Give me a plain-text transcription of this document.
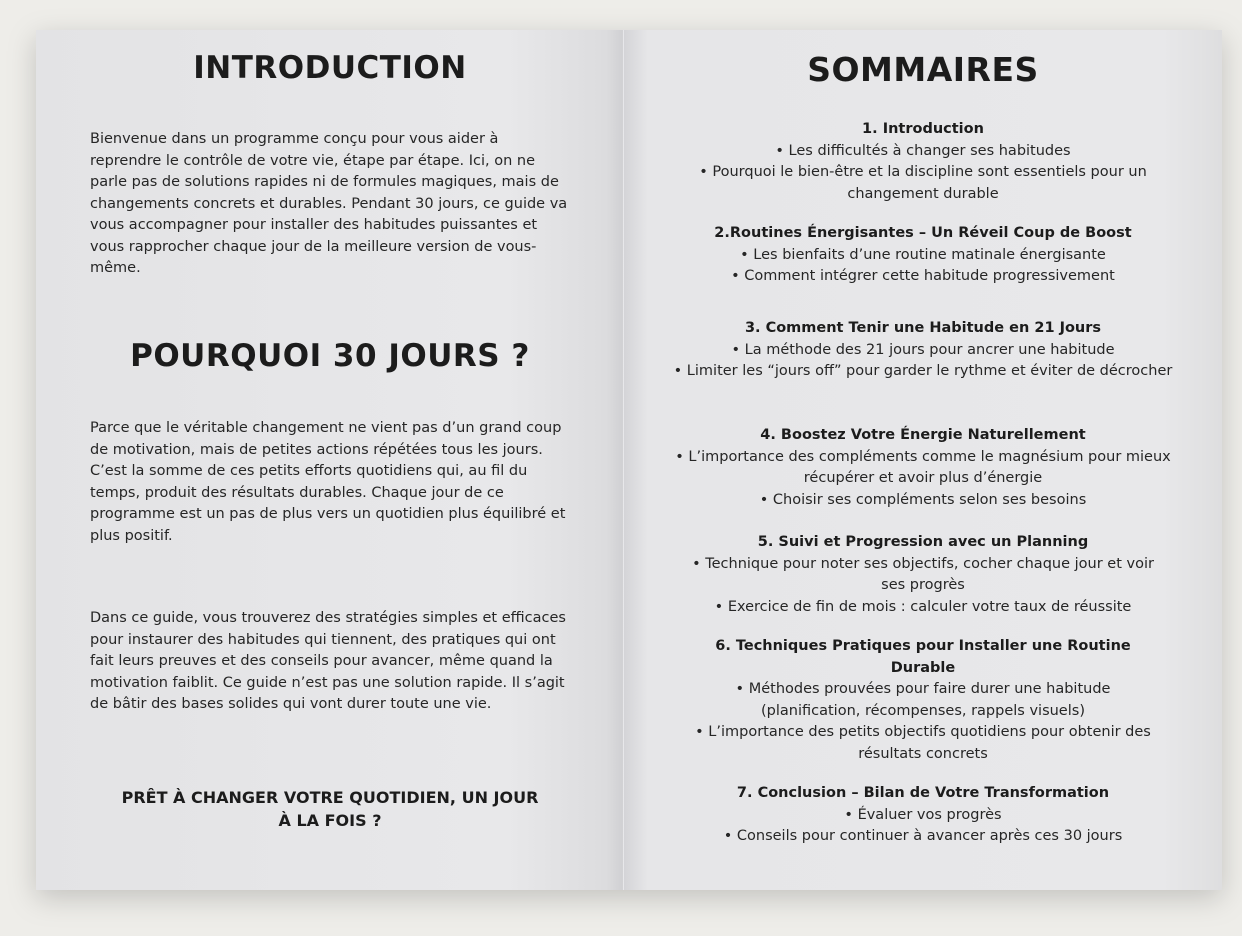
INTRODUCTION

Bienvenue dans un programme conçu pour vous aider à reprendre le contrôle de votre vie, étape par étape. Ici, on ne parle pas de solutions rapides ni de formules magiques, mais de changements concrets et durables. Pendant 30 jours, ce guide va vous accompagner pour installer des habitudes puissantes et vous rapprocher chaque jour de la meilleure version de vous-même.

POURQUOI 30 JOURS ?

Parce que le véritable changement ne vient pas d’un grand coup de motivation, mais de petites actions répétées tous les jours. C’est la somme de ces petits efforts quotidiens qui, au fil du temps, produit des résultats durables. Chaque jour de ce programme est un pas de plus vers un quotidien plus équilibré et plus positif.

Dans ce guide, vous trouverez des stratégies simples et efficaces pour instaurer des habitudes qui tiennent, des pratiques qui ont fait leurs preuves et des conseils pour avancer, même quand la motivation faiblit. Ce guide n’est pas une solution rapide. Il s’agit de bâtir des bases solides qui vont durer toute une vie.

PRÊT À CHANGER VOTRE QUOTIDIEN, UN JOUR À LA FOIS ?

SOMMAIRES
1. Introduction
• Les difficultés à changer ses habitudes
• Pourquoi le bien-être et la discipline sont essentiels pour un changement durable
2.Routines Énergisantes – Un Réveil Coup de Boost
• Les bienfaits d’une routine matinale énergisante
• Comment intégrer cette habitude progressivement
3. Comment Tenir une Habitude en 21 Jours
• La méthode des 21 jours pour ancrer une habitude
• Limiter les “jours off” pour garder le rythme et éviter de décrocher
4. Boostez Votre Énergie Naturellement
• L’importance des compléments comme le magnésium pour mieux récupérer et avoir plus d’énergie
• Choisir ses compléments selon ses besoins
5. Suivi et Progression avec un Planning
• Technique pour noter ses objectifs, cocher chaque jour et voir ses progrès
• Exercice de fin de mois : calculer votre taux de réussite
6. Techniques Pratiques pour Installer une Routine Durable
• Méthodes prouvées pour faire durer une habitude (planification, récompenses, rappels visuels)
• L’importance des petits objectifs quotidiens pour obtenir des résultats concrets
7. Conclusion – Bilan de Votre Transformation
• Évaluer vos progrès
• Conseils pour continuer à avancer après ces 30 jours
